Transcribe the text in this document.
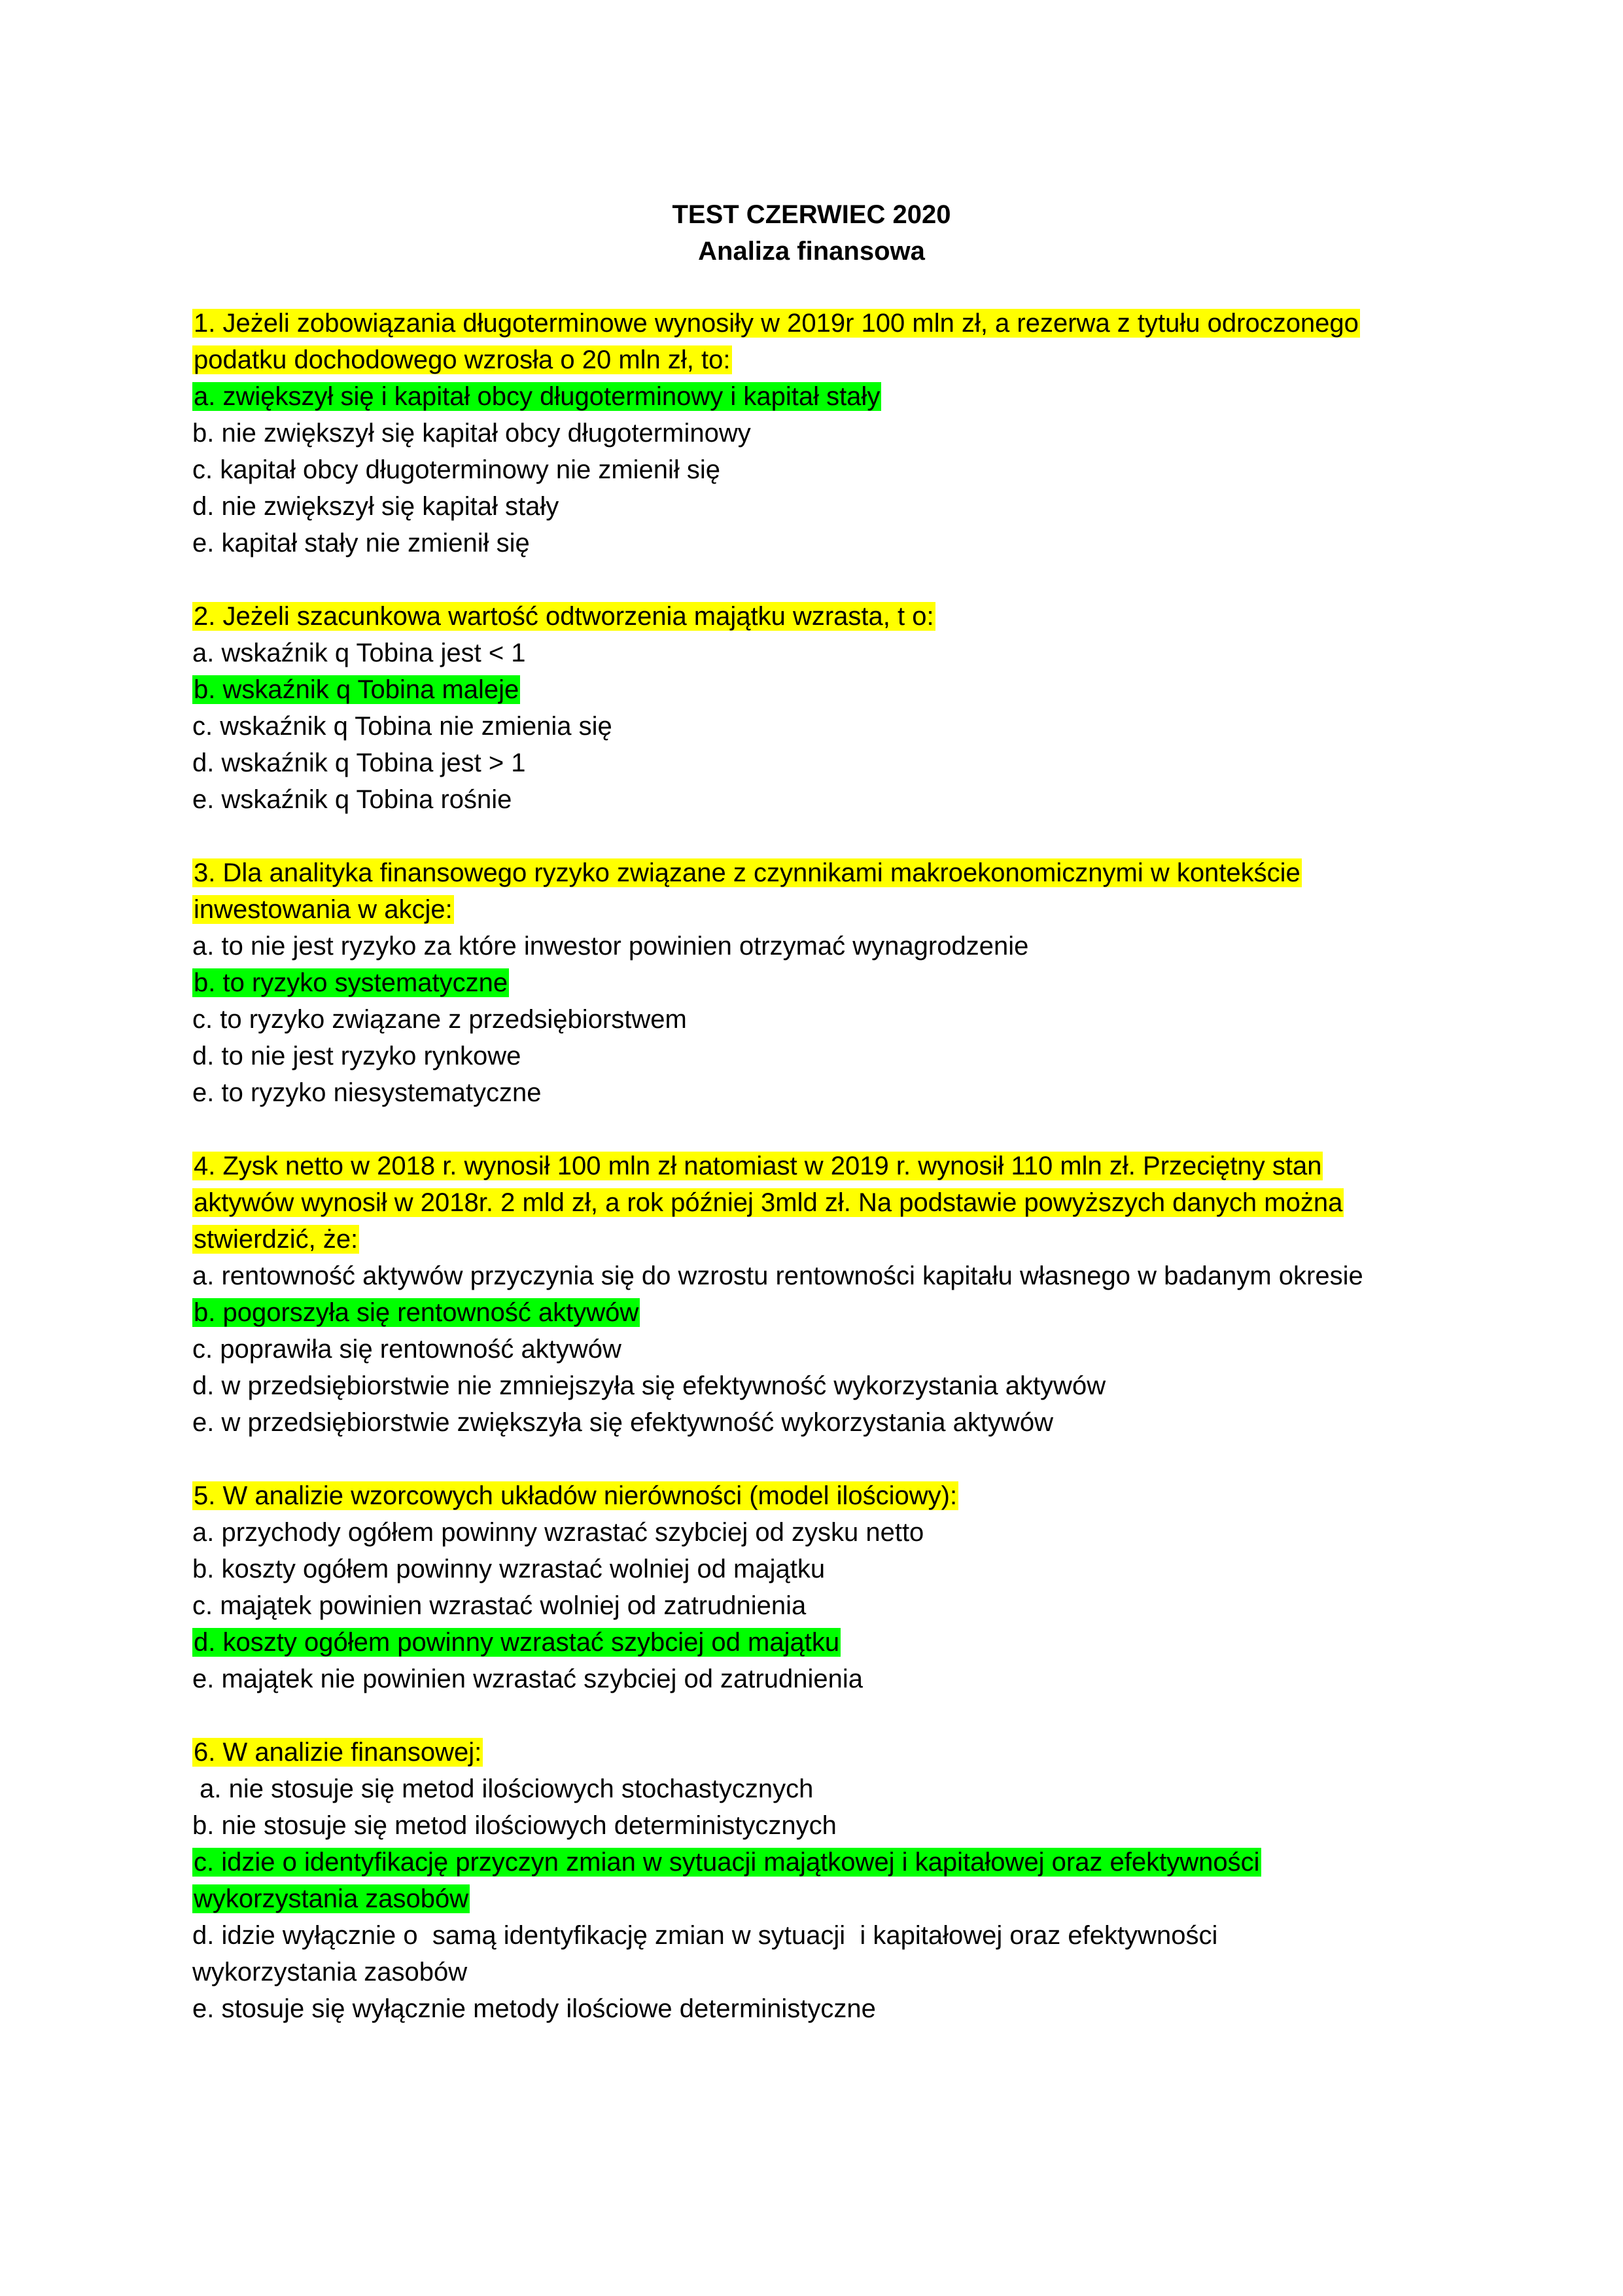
TEST CZERWIEC 2020
Analiza finansowa
1. Jeżeli zobowiązania długoterminowe wynosiły w 2019r 100 mln zł, a rezerwa z tytułu odroczonego
podatku dochodowego wzrosła o 20 mln zł, to:
a. zwiększył się i kapitał obcy długoterminowy i kapitał stały
b. nie zwiększył się kapitał obcy długoterminowy
c. kapitał obcy długoterminowy nie zmienił się
d. nie zwiększył się kapitał stały
e. kapitał stały nie zmienił się
2. Jeżeli szacunkowa wartość odtworzenia majątku wzrasta, t o:
a. wskaźnik q Tobina jest < 1
b. wskaźnik q Tobina maleje
c. wskaźnik q Tobina nie zmienia się
d. wskaźnik q Tobina jest > 1
e. wskaźnik q Tobina rośnie
3. Dla analityka finansowego ryzyko związane z czynnikami makroekonomicznymi w kontekście
inwestowania w akcje:
a. to nie jest ryzyko za które inwestor powinien otrzymać wynagrodzenie
b. to ryzyko systematyczne
c. to ryzyko związane z przedsiębiorstwem
d. to nie jest ryzyko rynkowe
e. to ryzyko niesystematyczne
4. Zysk netto w 2018 r. wynosił 100 mln zł natomiast w 2019 r. wynosił 110 mln zł. Przeciętny stan
aktywów wynosił w 2018r. 2 mld zł, a rok później 3mld zł. Na podstawie powyższych danych można
stwierdzić, że:
a. rentowność aktywów przyczynia się do wzrostu rentowności kapitału własnego w badanym okresie
b. pogorszyła się rentowność aktywów
c. poprawiła się rentowność aktywów
d. w przedsiębiorstwie nie zmniejszyła się efektywność wykorzystania aktywów
e. w przedsiębiorstwie zwiększyła się efektywność wykorzystania aktywów
5. W analizie wzorcowych układów nierówności (model ilościowy):
a. przychody ogółem powinny wzrastać szybciej od zysku netto
b. koszty ogółem powinny wzrastać wolniej od majątku
c. majątek powinien wzrastać wolniej od zatrudnienia
d. koszty ogółem powinny wzrastać szybciej od majątku
e. majątek nie powinien wzrastać szybciej od zatrudnienia
6. W analizie finansowej:
a. nie stosuje się metod ilościowych stochastycznych
b. nie stosuje się metod ilościowych deterministycznych
c. idzie o identyfikację przyczyn zmian w sytuacji majątkowej i kapitałowej oraz efektywności
wykorzystania zasobów
d. idzie wyłącznie o  samą identyfikację zmian w sytuacji  i kapitałowej oraz efektywności
wykorzystania zasobów
e. stosuje się wyłącznie metody ilościowe deterministyczne
